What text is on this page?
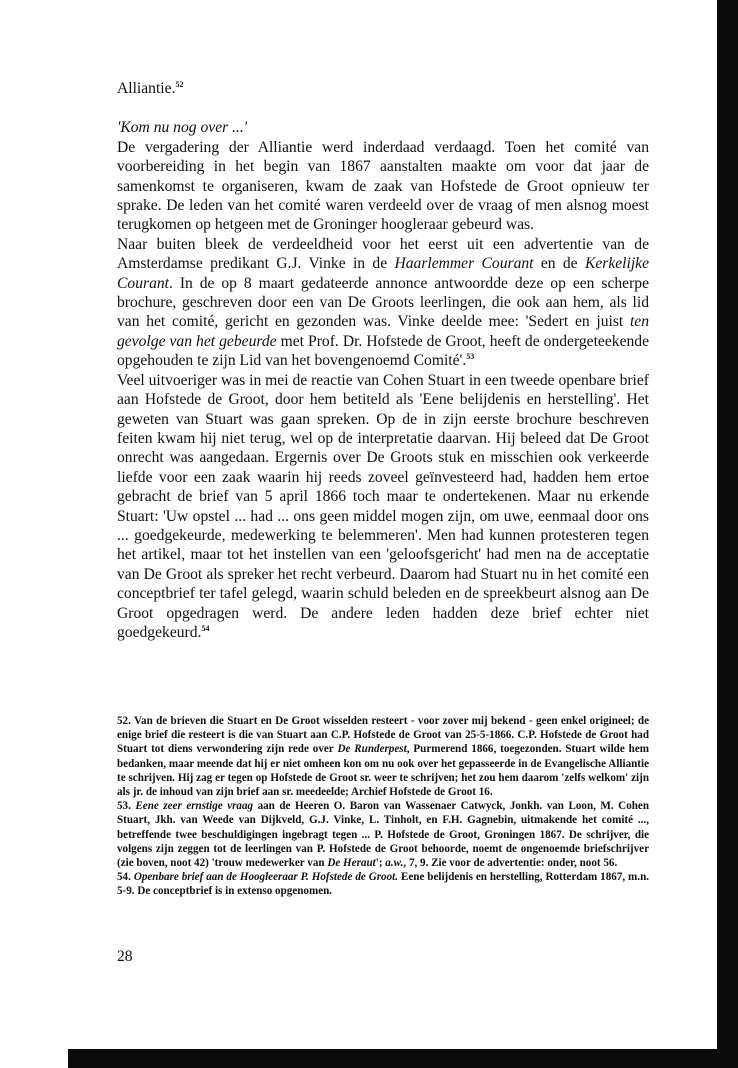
Alliantie.$^{52}$

'Kom nu nog over ...'

De vergadering der Alliantie werd inderdaad verdaagd. Toen het comité van voorbereiding in het begin van 1867 aanstalten maakte om voor dat jaar de samenkomst te organiseren, kwam de zaak van Hofstede de Groot opnieuw ter sprake. De leden van het comité waren verdeeld over de vraag of men alsnog moest terugkomen op hetgeen met de Groninger hoogleraar gebeurd was.

Naar buiten bleek de verdeeldheid voor het eerst uit een advertentie van de Amsterdamse predikant G.J. Vinke in de Haarlemmer Courant en de Kerkelijke Courant. In de op 8 maart gedateerde annonce antwoordde deze op een scherpe brochure, geschreven door een van De Groots leerlingen, die ook aan hem, als lid van het comité, gericht en gezonden was. Vinke deelde mee: 'Sedert en juist ten gevolge van het gebeurde met Prof. Dr. Hofstede de Groot, heeft de ondergeteekende opgehouden te zijn Lid van het bovengenoemd Comité'.$^{53}$

Veel uitvoeriger was in mei de reactie van Cohen Stuart in een tweede openbare brief aan Hofstede de Groot, door hem betiteld als 'Eene belijdenis en herstelling'. Het geweten van Stuart was gaan spreken. Op de in zijn eerste brochure beschreven feiten kwam hij niet terug, wel op de interpretatie daarvan. Hij beleed dat De Groot onrecht was aangedaan. Ergernis over De Groots stuk en misschien ook verkeerde liefde voor een zaak waarin hij reeds zoveel geïnvesteerd had, hadden hem ertoe gebracht de brief van 5 april 1866 toch maar te ondertekenen. Maar nu erkende Stuart: 'Uw opstel ... had ... ons geen middel mogen zijn, om uwe, eenmaal door ons ... goedgekeurde, medewerking te belemmeren'. Men had kunnen protesteren tegen het artikel, maar tot het instellen van een 'geloofsgericht' had men na de acceptatie van De Groot als spreker het recht verbeurd. Daarom had Stuart nu in het comité een conceptbrief ter tafel gelegd, waarin schuld beleden en de spreekbeurt alsnog aan De Groot opgedragen werd. De andere leden hadden deze brief echter niet goedgekeurd.$^{54}$

52. Van de brieven die Stuart en De Groot wisselden resteert - voor zover mij bekend - geen enkel origineel; de enige brief die resteert is die van Stuart aan C.P. Hofstede de Groot van 25-5-1866. C.P. Hofstede de Groot had Stuart tot diens verwondering zijn rede over De Runderpest, Purmerend 1866, toegezonden. Stuart wilde hem bedanken, maar meende dat hij er niet omheen kon om nu ook over het gepasseerde in de Evangelische Alliantie te schrijven. Hij zag er tegen op Hofstede de Groot sr. weer te schrijven; het zou hem daarom 'zelfs welkom' zijn als jr. de inhoud van zijn brief aan sr. meedeelde; Archief Hofstede de Groot 16.

53. Eene zeer ernstige vraag aan de Heeren O. Baron van Wassenaer Catwyck, Jonkh. van Loon, M. Cohen Stuart, Jkh. van Weede van Dijkveld, G.J. Vinke, L. Tinholt, en F.H. Gagnebin, uitmakende het comité ..., betreffende twee beschuldigingen ingebragt tegen ... P. Hofstede de Groot, Groningen 1867. De schrijver, die volgens zijn zeggen tot de leerlingen van P. Hofstede de Groot behoorde, noemt de ongenoemde briefschrijver (zie boven, noot 42) 'trouw medewerker van De Heraut'; a.w., 7, 9. Zie voor de advertentie: onder, noot 56.

54. Openbare brief aan de Hoogleeraar P. Hofstede de Groot. Eene belijdenis en herstelling, Rotterdam 1867, m.n. 5-9. De conceptbrief is in extenso opgenomen.

28
